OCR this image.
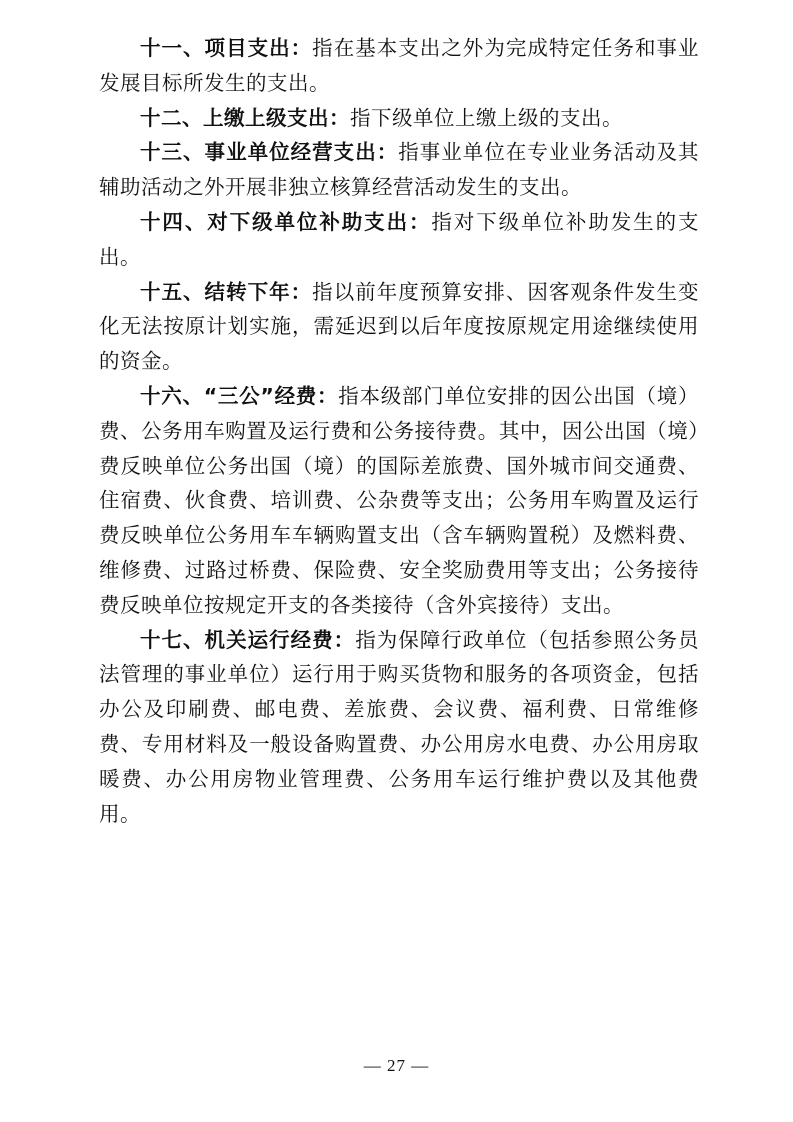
十一、项目支出：指在基本支出之外为完成特定任务和事业发展目标所发生的支出。

十二、上缴上级支出：指下级单位上缴上级的支出。

十三、事业单位经营支出：指事业单位在专业业务活动及其辅助活动之外开展非独立核算经营活动发生的支出。

十四、对下级单位补助支出：指对下级单位补助发生的支出。

十五、结转下年：指以前年度预算安排、因客观条件发生变化无法按原计划实施，需延迟到以后年度按原规定用途继续使用的资金。

十六、“三公”经费：指本级部门单位安排的因公出国（境）费、公务用车购置及运行费和公务接待费。其中，因公出国（境）费反映单位公务出国（境）的国际差旅费、国外城市间交通费、住宿费、伙食费、培训费、公杂费等支出；公务用车购置及运行费反映单位公务用车车辆购置支出（含车辆购置税）及燃料费、维修费、过路过桥费、保险费、安全奖励费用等支出；公务接待费反映单位按规定开支的各类接待（含外宾接待）支出。

十七、机关运行经费：指为保障行政单位（包括参照公务员法管理的事业单位）运行用于购买货物和服务的各项资金，包括办公及印刷费、邮电费、差旅费、会议费、福利费、日常维修费、专用材料及一般设备购置费、办公用房水电费、办公用房取暖费、办公用房物业管理费、公务用车运行维护费以及其他费用。

— 27 —
